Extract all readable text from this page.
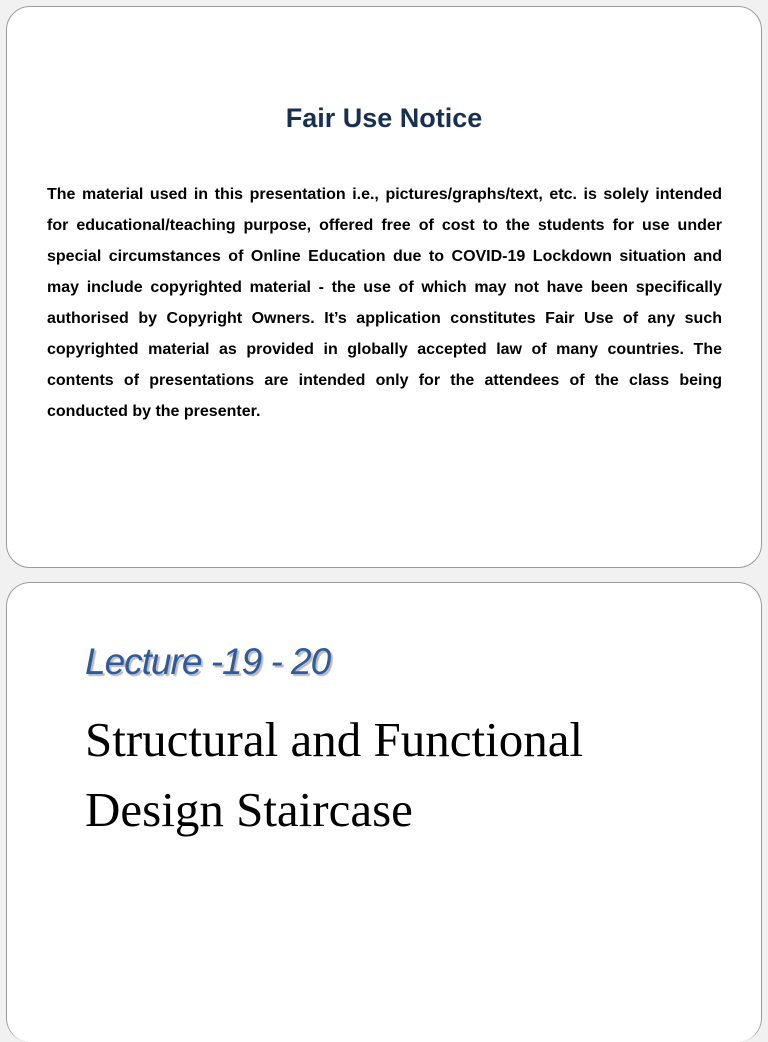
Fair Use Notice

The material used in this presentation i.e., pictures/graphs/text, etc. is solely intended for educational/teaching purpose, offered free of cost to the students for use under special circumstances of Online Education due to COVID-19 Lockdown situation and may include copyrighted material - the use of which may not have been specifically authorised by Copyright Owners. It’s application constitutes Fair Use of any such copyrighted material as provided in globally accepted law of many countries. The contents of presentations are intended only for the attendees of the class being conducted by the presenter.

Lecture -19 - 20
Structural and Functional Design Staircase
